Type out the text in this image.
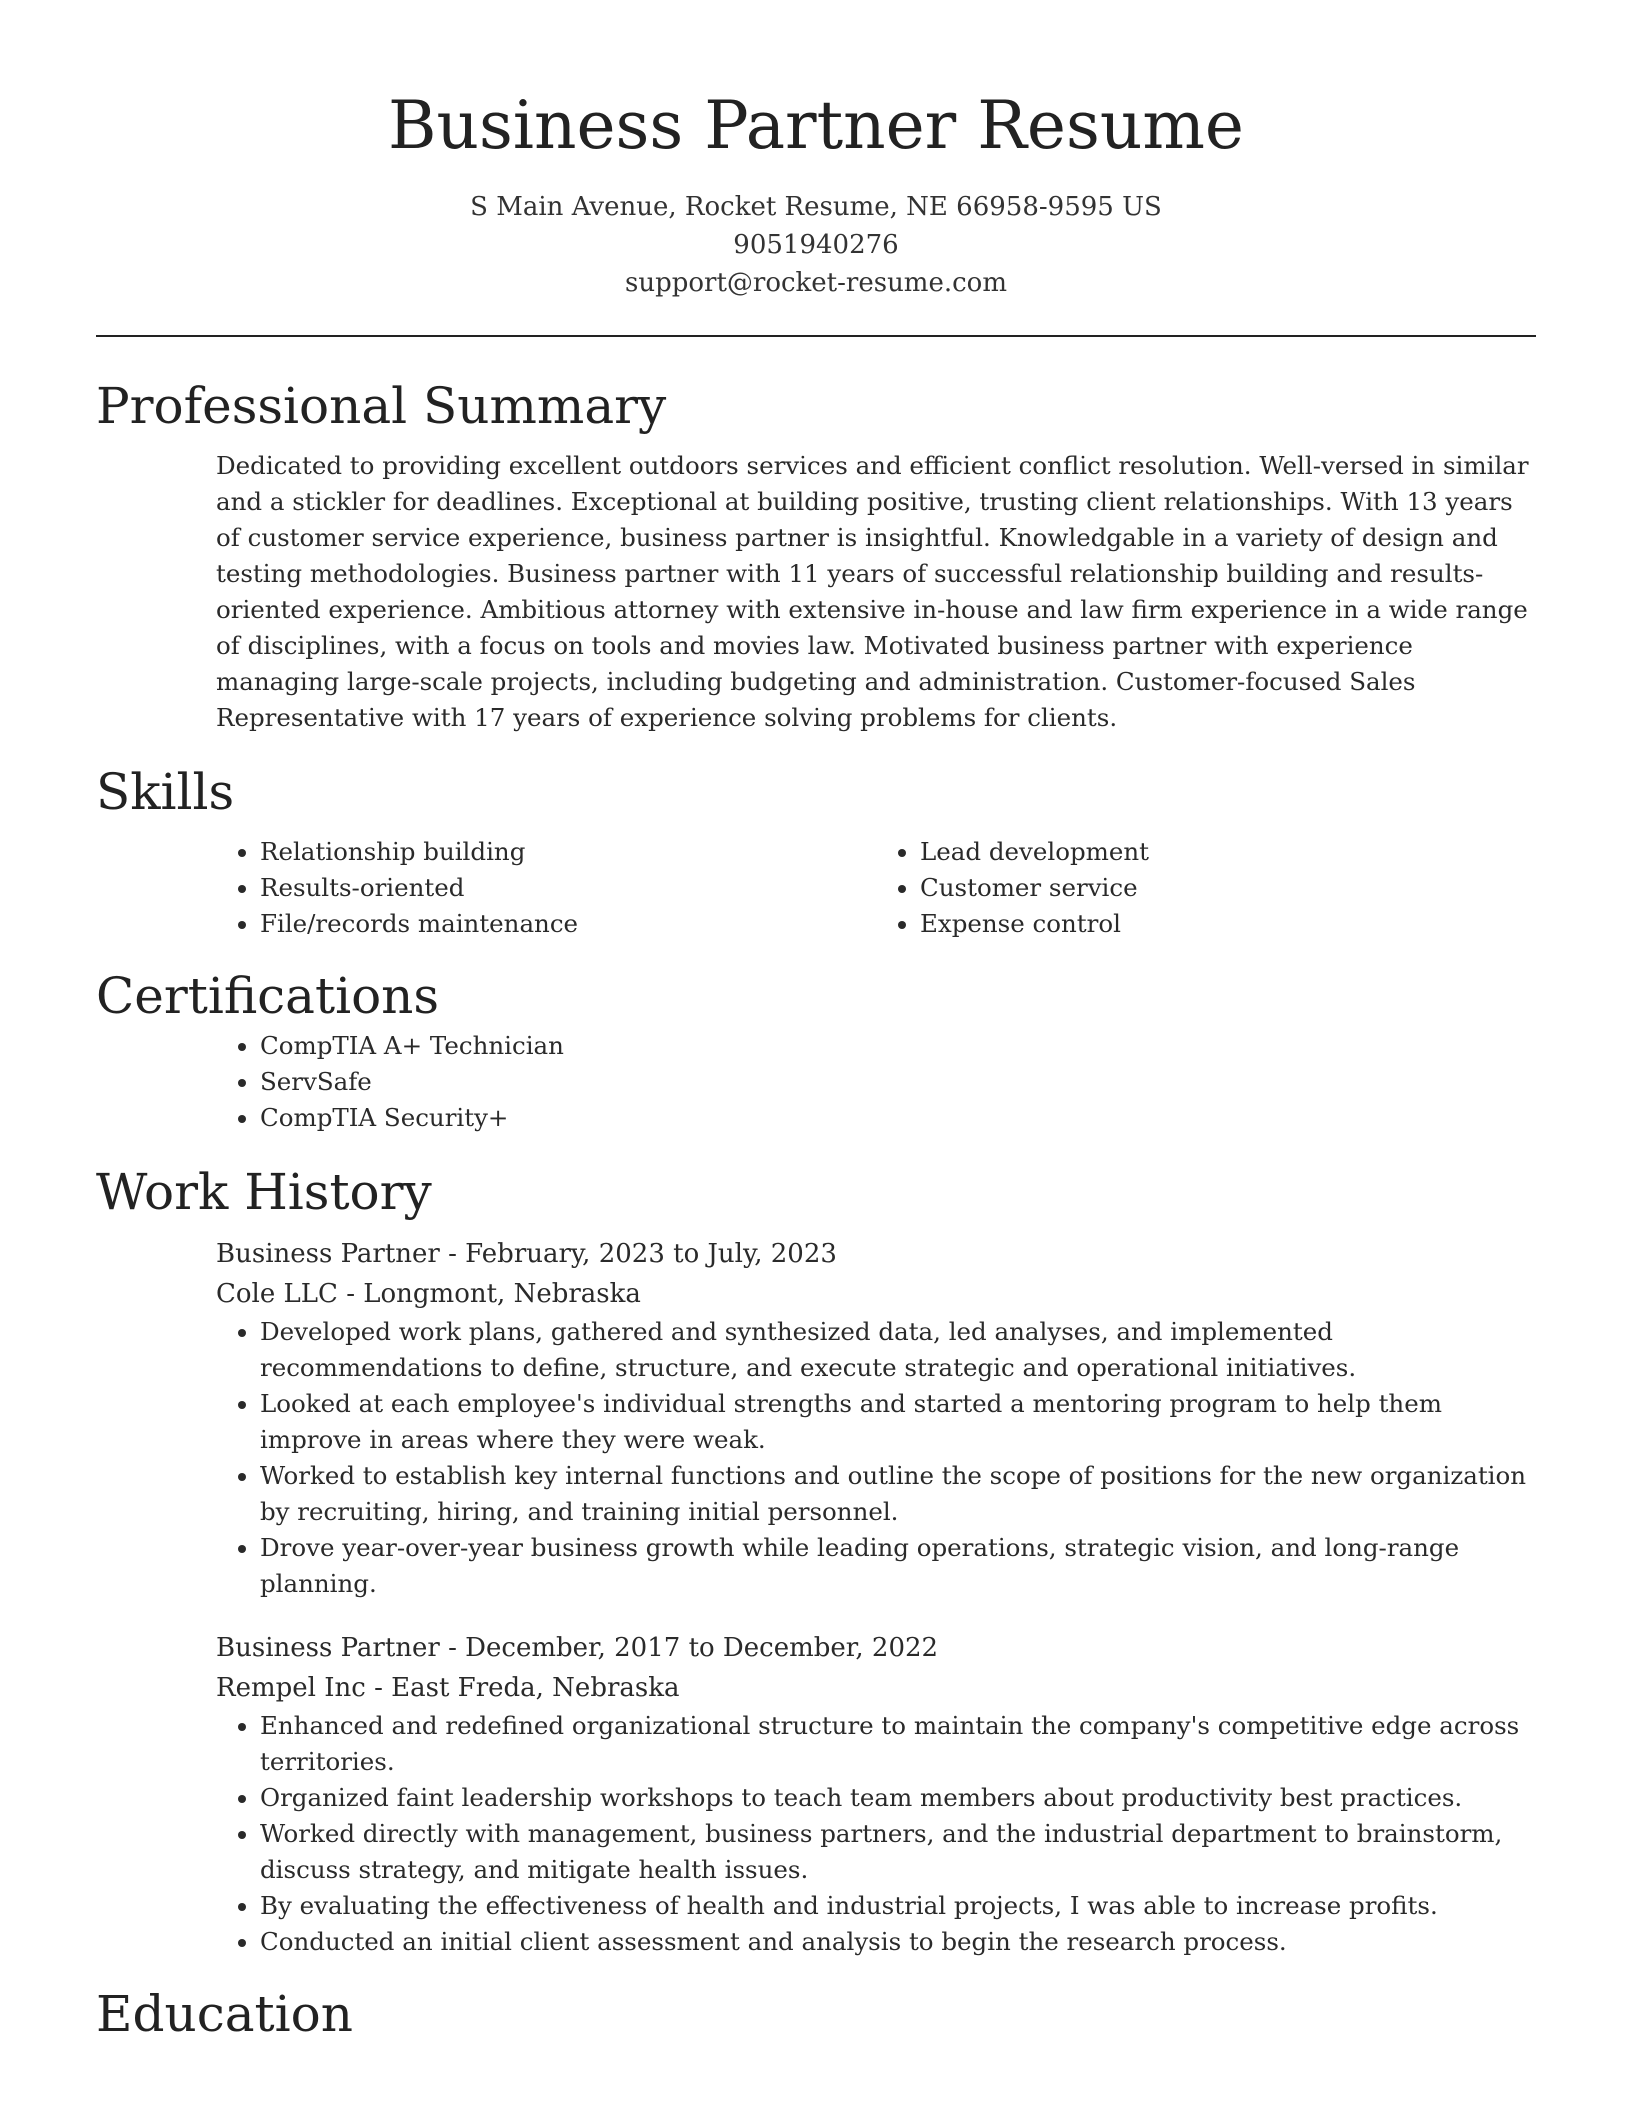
Business Partner Resume
S Main Avenue, Rocket Resume, NE 66958-9595 US
9051940276
support@rocket-resume.com
Professional Summary

Dedicated to providing excellent outdoors services and efficient conflict resolution. Well-versed in similar and a stickler for deadlines. Exceptional at building positive, trusting client relationships. With 13 years of customer service experience, business partner is insightful. Knowledgable in a variety of design and testing methodologies. Business partner with 11 years of successful relationship building and results-oriented experience. Ambitious attorney with extensive in-house and law firm experience in a wide range of disciplines, with a focus on tools and movies law. Motivated business partner with experience managing large-scale projects, including budgeting and administration. Customer-focused Sales Representative with 17 years of experience solving problems for clients.

Skills
• Relationship building
• Results-oriented
• File/records maintenance
• Lead development
• Customer service
• Expense control
Certifications
• CompTIA A+ Technician
• ServSafe
• CompTIA Security+
Work History
Business Partner - February, 2023 to July, 2023
Cole LLC - Longmont, Nebraska
• Developed work plans, gathered and synthesized data, led analyses, and implemented recommendations to define, structure, and execute strategic and operational initiatives.
• Looked at each employee's individual strengths and started a mentoring program to help them improve in areas where they were weak.
• Worked to establish key internal functions and outline the scope of positions for the new organization by recruiting, hiring, and training initial personnel.
• Drove year-over-year business growth while leading operations, strategic vision, and long-range planning.
Business Partner - December, 2017 to December, 2022
Rempel Inc - East Freda, Nebraska
• Enhanced and redefined organizational structure to maintain the company's competitive edge across territories.
• Organized faint leadership workshops to teach team members about productivity best practices.
• Worked directly with management, business partners, and the industrial department to brainstorm, discuss strategy, and mitigate health issues.
• By evaluating the effectiveness of health and industrial projects, I was able to increase profits.
• Conducted an initial client assessment and analysis to begin the research process.
Education
